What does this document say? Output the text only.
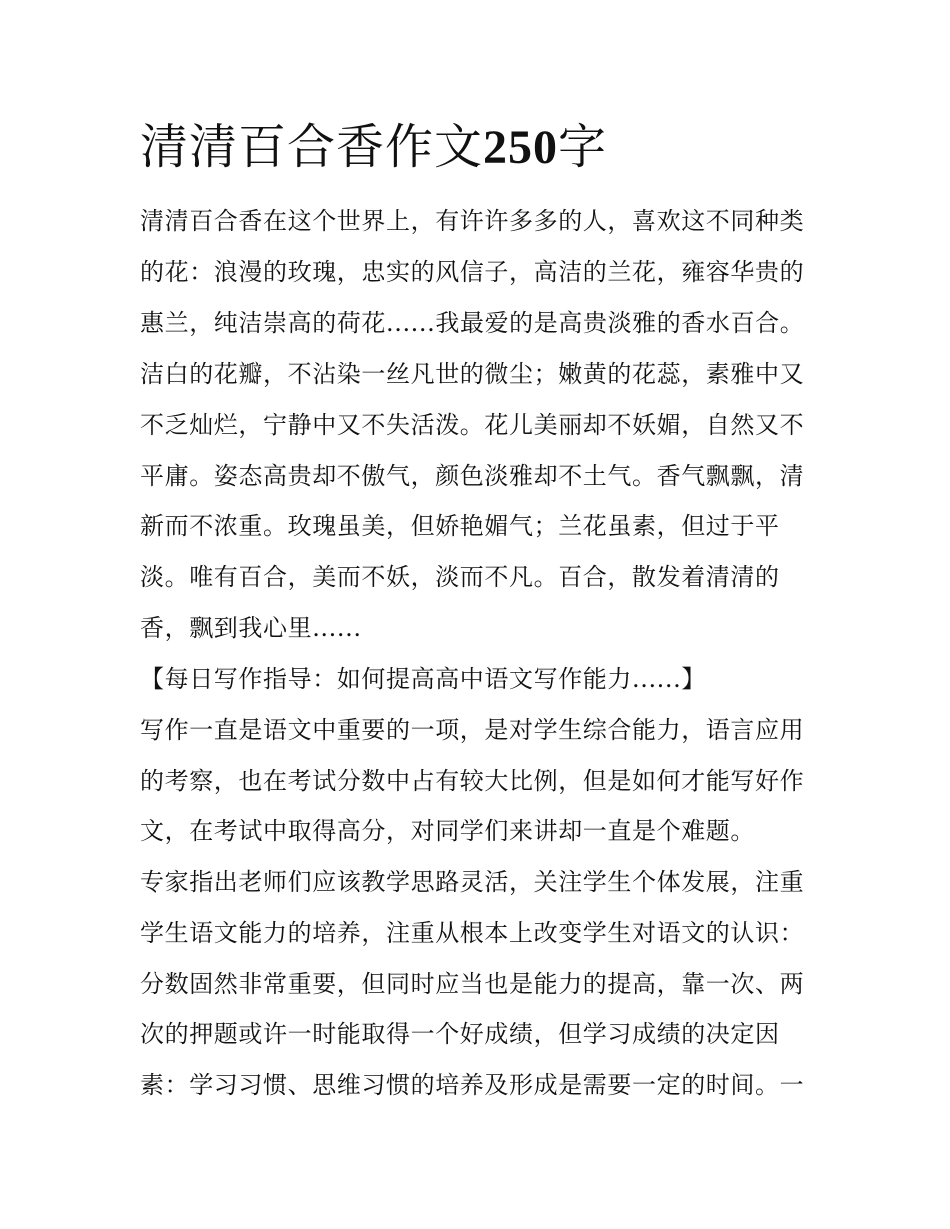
清清百合香作文250字

清清百合香在这个世界上，有许许多多的人，喜欢这不同种类

的花：浪漫的玫瑰，忠实的风信子，高洁的兰花，雍容华贵的

惠兰，纯洁崇高的荷花......我最爱的是高贵淡雅的香水百合。

洁白的花瓣，不沾染一丝凡世的微尘；嫩黄的花蕊，素雅中又

不乏灿烂，宁静中又不失活泼。花儿美丽却不妖媚，自然又不

平庸。姿态高贵却不傲气，颜色淡雅却不土气。香气飘飘，清

新而不浓重。玫瑰虽美，但娇艳媚气；兰花虽素，但过于平

淡。唯有百合，美而不妖，淡而不凡。百合，散发着清清的

香，飘到我心里......

【每日写作指导：如何提高高中语文写作能力......】

写作一直是语文中重要的一项，是对学生综合能力，语言应用

的考察，也在考试分数中占有较大比例，但是如何才能写好作

文，在考试中取得高分，对同学们来讲却一直是个难题。

专家指出老师们应该教学思路灵活，关注学生个体发展，注重

学生语文能力的培养，注重从根本上改变学生对语文的认识：

分数固然非常重要，但同时应当也是能力的提高，靠一次、两

次的押题或许一时能取得一个好成绩，但学习成绩的决定因

素：学习习惯、思维习惯的培养及形成是需要一定的时间。一
